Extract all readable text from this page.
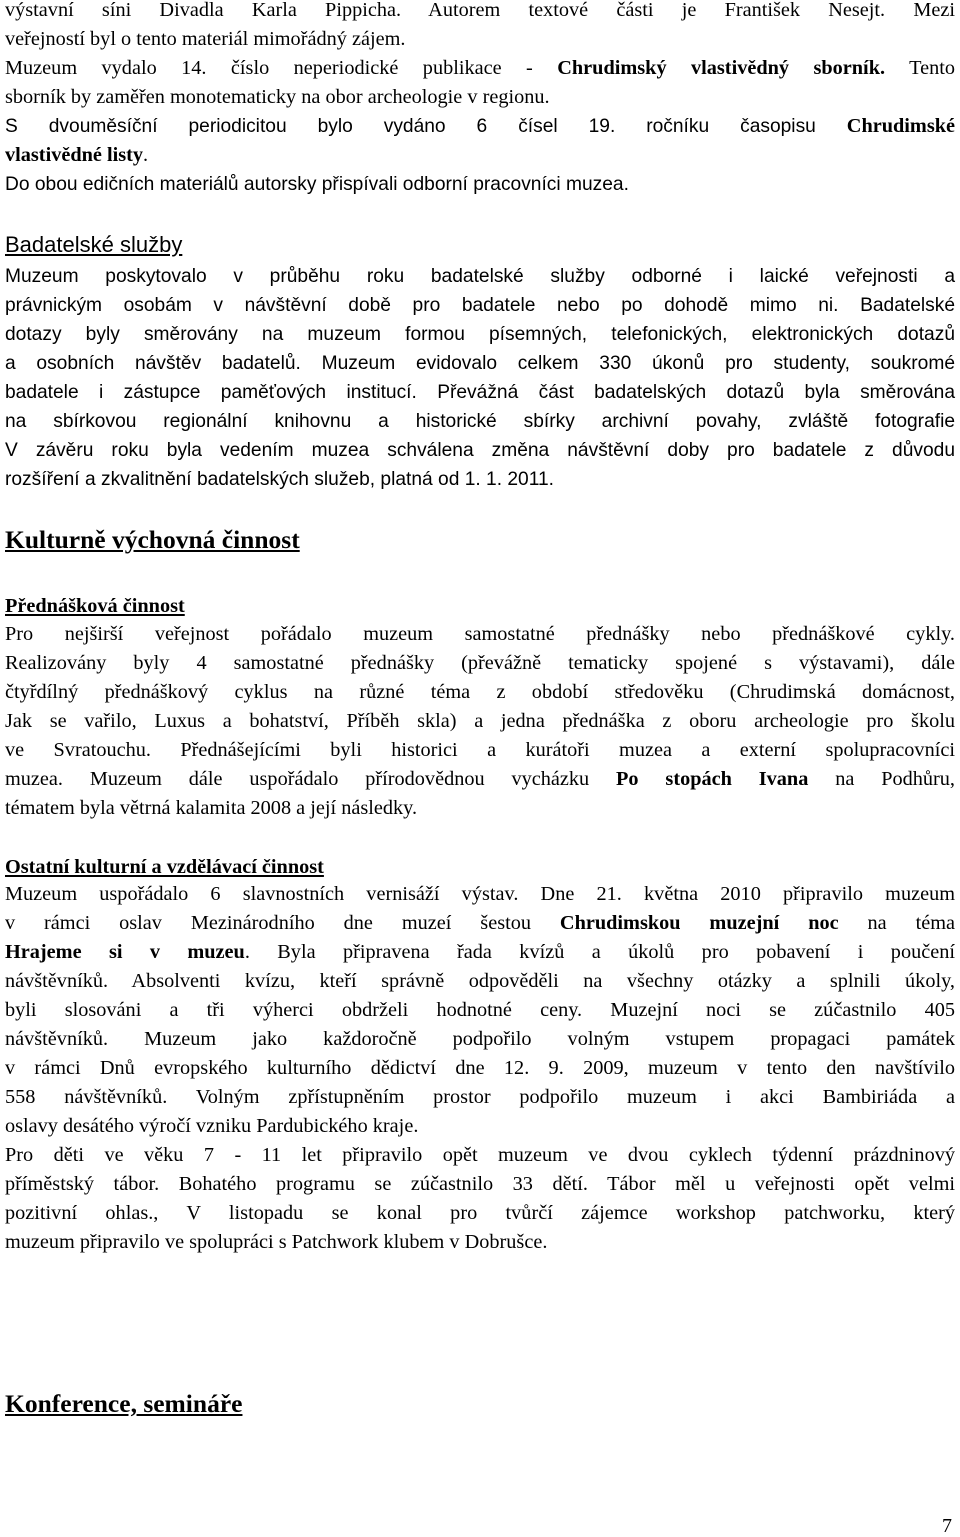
výstavní síni Divadla Karla Pippicha. Autorem textové části je František Nesejt. Mezi
veřejností byl o tento materiál mimořádný zájem.
Muzeum vydalo 14. číslo neperiodické publikace - Chrudimský vlastivědný sborník. Tento
sborník by zaměřen monotematicky na obor archeologie v regionu.
S dvouměsíční periodicitou bylo vydáno 6 čísel 19. ročníku časopisu Chrudimské
vlastivědné listy.
Do obou edičních materiálů autorsky přispívali odborní pracovníci muzea.
Badatelské služby
Muzeum poskytovalo v průběhu roku badatelské služby odborné i laické veřejnosti a
právnickým osobám v návštěvní době pro badatele nebo po dohodě mimo ni. Badatelské
dotazy byly směrovány na muzeum formou písemných, telefonických, elektronických dotazů
a osobních návštěv badatelů. Muzeum evidovalo celkem 330 úkonů pro studenty, soukromé
badatele i zástupce paměťových institucí. Převážná část badatelských dotazů byla směrována
na sbírkovou regionální knihovnu a historické sbírky archivní povahy, zvláště fotografie
V závěru roku byla vedením muzea schválena změna návštěvní doby pro badatele z důvodu
rozšíření a zkvalitnění badatelských služeb, platná od 1. 1. 2011.
Kulturně výchovná činnost
Přednášková činnost
Pro nejširší veřejnost pořádalo muzeum samostatné přednášky nebo přednáškové cykly.
Realizovány byly 4 samostatné přednášky (převážně tematicky spojené s výstavami), dále
čtyřdílný přednáškový cyklus na různé téma z období středověku (Chrudimská domácnost,
Jak se vařilo, Luxus a bohatství, Příběh skla) a jedna přednáška z oboru archeologie pro školu
ve Svratouchu. Přednášejícími byli historici a kurátoři muzea a externí spolupracovníci
muzea. Muzeum dále uspořádalo přírodovědnou vycházku Po stopách Ivana na Podhůru,
tématem byla větrná kalamita 2008 a její následky.
Ostatní kulturní a vzdělávací činnost
Muzeum uspořádalo 6 slavnostních vernisáží výstav. Dne 21. května 2010 připravilo muzeum
v rámci oslav Mezinárodního dne muzeí šestou Chrudimskou muzejní noc na téma
Hrajeme si v muzeu. Byla připravena řada kvízů a úkolů pro pobavení i poučení
návštěvníků. Absolventi kvízu, kteří správně odpověděli na všechny otázky a splnili úkoly,
byli slosováni a tři výherci obdrželi hodnotné ceny. Muzejní noci se zúčastnilo 405
návštěvníků. Muzeum jako každoročně podpořilo volným vstupem propagaci památek
v rámci Dnů evropského kulturního dědictví dne 12. 9. 2009, muzeum v tento den navštívilo
558 návštěvníků. Volným zpřístupněním prostor podpořilo muzeum i akci Bambiriáda a
oslavy desátého výročí vzniku Pardubického kraje.
Pro děti ve věku 7 - 11 let připravilo opět muzeum ve dvou cyklech týdenní prázdninový
příměstský tábor. Bohatého programu se zúčastnilo 33 dětí. Tábor měl u veřejnosti opět velmi
pozitivní ohlas., V listopadu se konal pro tvůrčí zájemce workshop patchworku, který
muzeum připravilo ve spolupráci s Patchwork klubem v Dobrušce.
Konference, semináře
7
